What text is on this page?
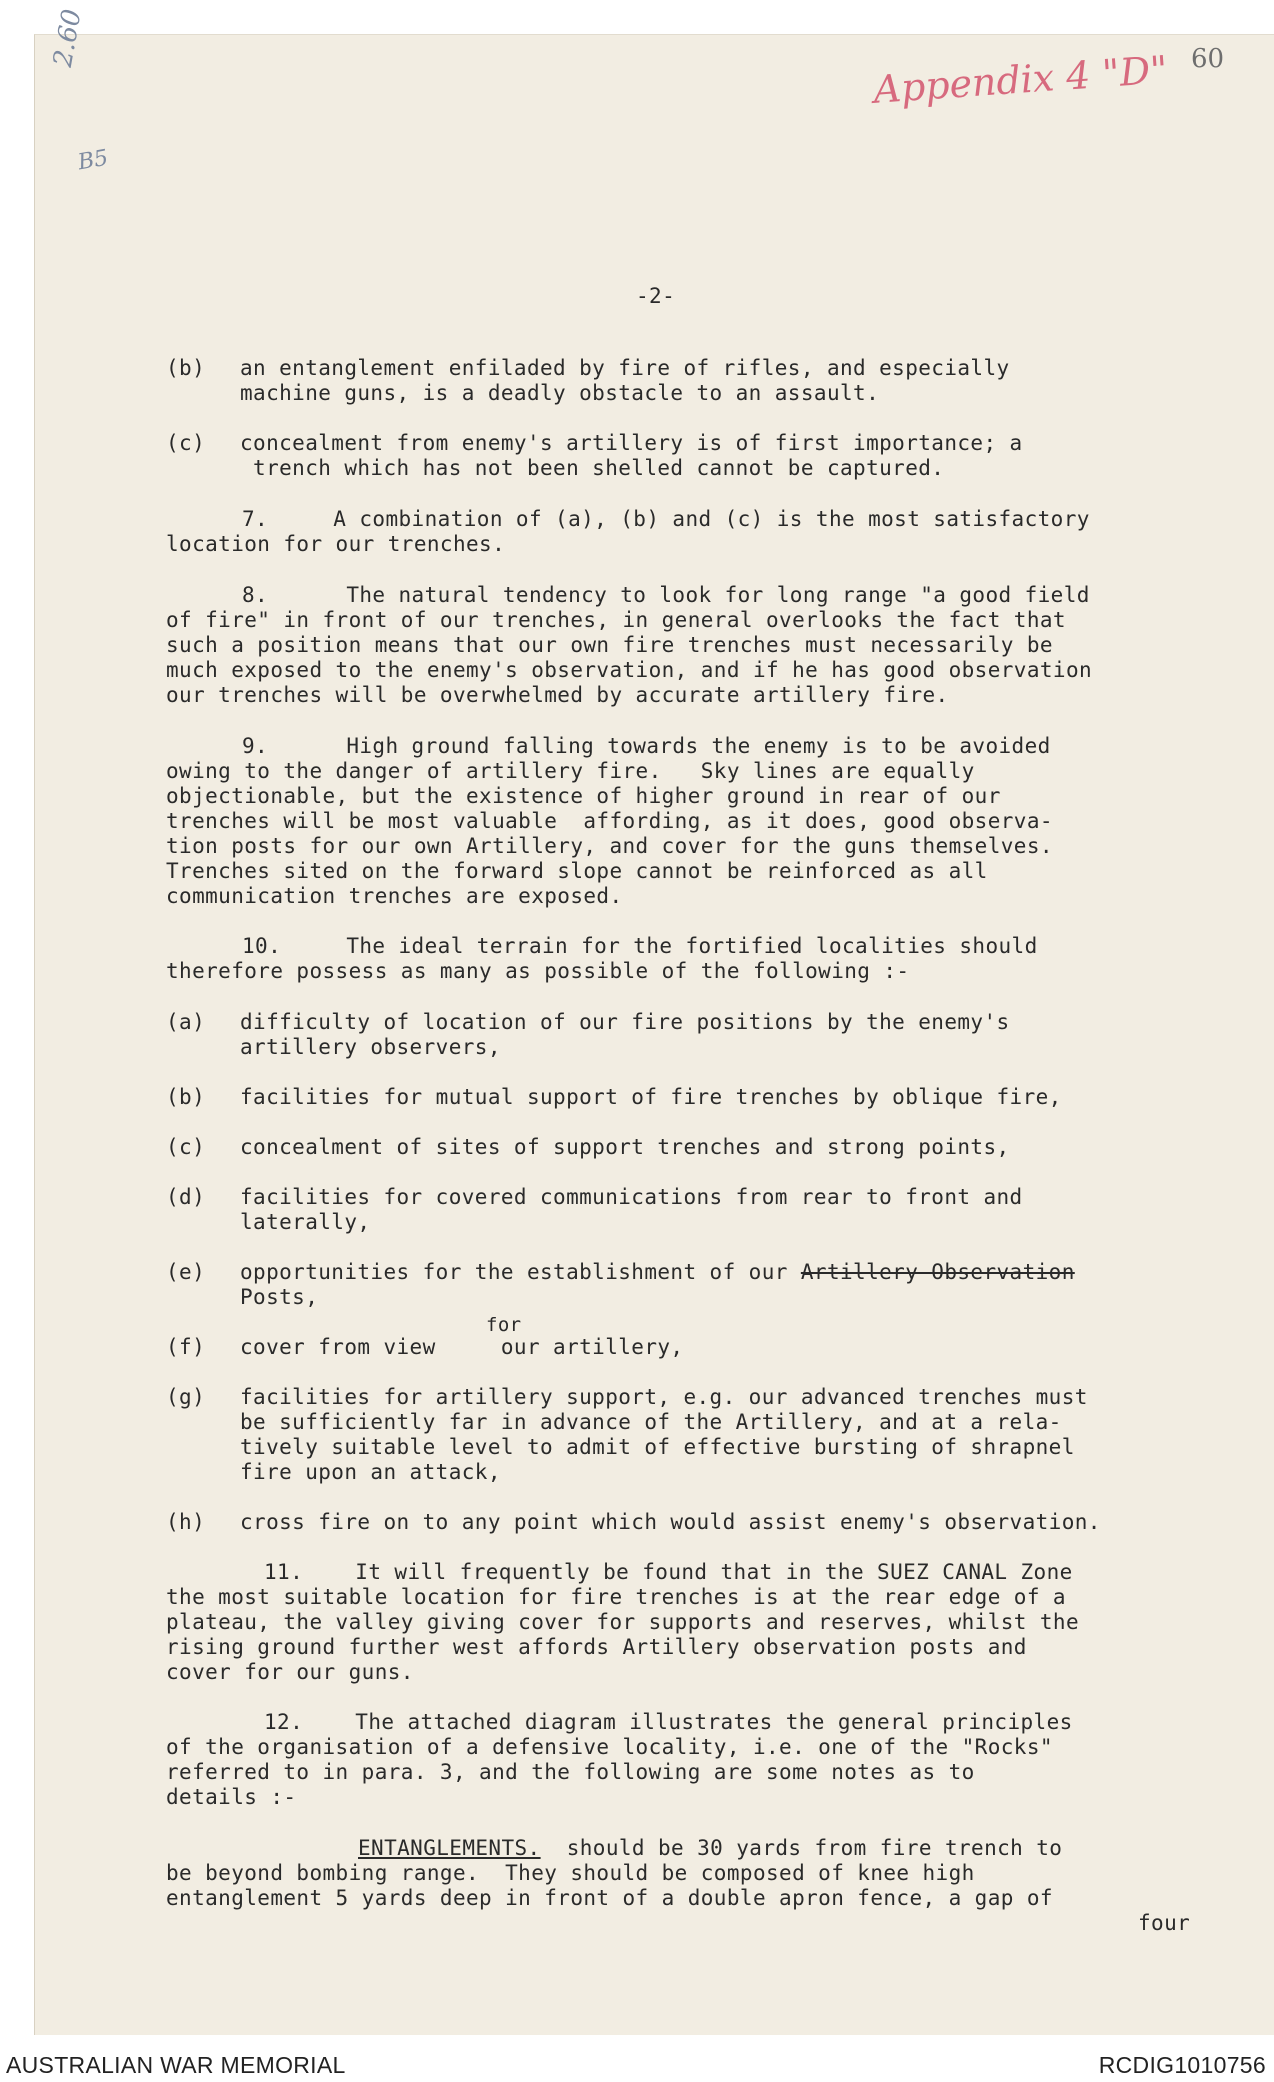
60
Appendix 4 "D"
2.60
B5

-2-

(b) an entanglement enfiladed by fire of rifles, and especially

machine guns, is a deadly obstacle to an assault.

(c) concealment from enemy's artillery is of first importance; a

trench which has not been shelled cannot be captured.

7.     A combination of (a), (b) and (c) is the most satisfactory

location for our trenches.

8.      The natural tendency to look for long range "a good field

of fire" in front of our trenches, in general overlooks the fact that

such a position means that our own fire trenches must necessarily be

much exposed to the enemy's observation, and if he has good observation

our trenches will be overwhelmed by accurate artillery fire.

9.      High ground falling towards the enemy is to be avoided

owing to the danger of artillery fire.   Sky lines are equally

objectionable, but the existence of higher ground in rear of our

trenches will be most valuable  affording, as it does, good observa-

tion posts for our own Artillery, and cover for the guns themselves.

Trenches sited on the forward slope cannot be reinforced as all

communication trenches are exposed.

10.     The ideal terrain for the fortified localities should

therefore possess as many as possible of the following :-

(a) difficulty of location of our fire positions by the enemy's

artillery observers,

(b) facilities for mutual support of fire trenches by oblique fire,

(c) concealment of sites of support trenches and strong points,

(d) facilities for covered communications from rear to front and

laterally,

(e) opportunities for the establishment of our Artillery Observation

Posts,

for

(f) cover from view     our artillery,

(g) facilities for artillery support, e.g. our advanced trenches must

be sufficiently far in advance of the Artillery, and at a rela-

tively suitable level to admit of effective bursting of shrapnel

fire upon an attack,

(h) cross fire on to any point which would assist enemy's observation.

11.    It will frequently be found that in the SUEZ CANAL Zone

the most suitable location for fire trenches is at the rear edge of a

plateau, the valley giving cover for supports and reserves, whilst the

rising ground further west affords Artillery observation posts and

cover for our guns.

12.    The attached diagram illustrates the general principles

of the organisation of a defensive locality, i.e. one of the "Rocks"

referred to in para. 3, and the following are some notes as to

details :-

ENTANGLEMENTS.  should be 30 yards from fire trench to

be beyond bombing range.  They should be composed of knee high

entanglement 5 yards deep in front of a double apron fence, a gap of

four

AUSTRALIAN WAR MEMORIAL	RCDIG1010756
